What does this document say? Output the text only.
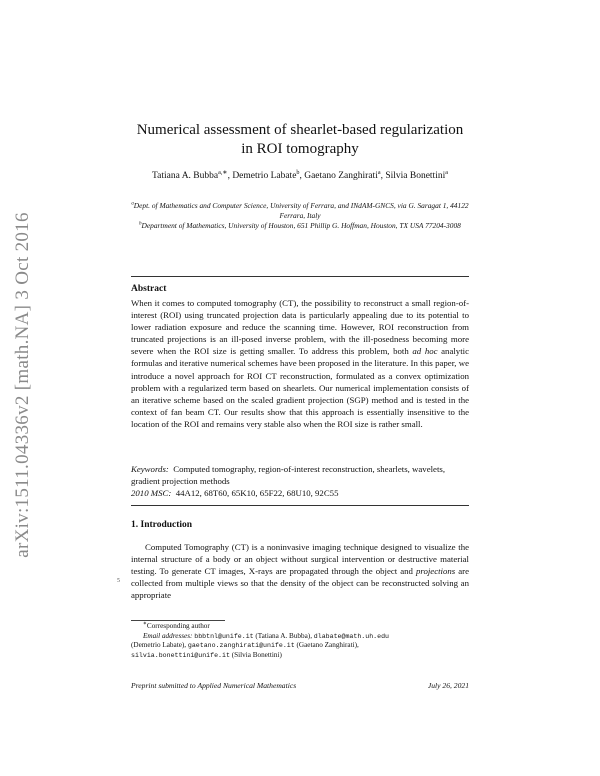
arXiv:1511.04336v2 [math.NA] 3 Oct 2016
Numerical assessment of shearlet-based regularization
in ROI tomography
Tatiana A. Bubba$^{a,∗}$, Demetrio Labate$^b$, Gaetano Zanghirati$^a$, Silvia Bonettini$^a$

$^a$Dept. of Mathematics and Computer Science, University of Ferrara, and INdAM-GNCS, via G. Saragat 1, 44122 Ferrara, Italy

$^b$Department of Mathematics, University of Houston, 651 Phillip G. Hoffman, Houston, TX USA 77204-3008

Abstract

When it comes to computed tomography (CT), the possibility to reconstruct a small region-of-interest (ROI) using truncated projection data is particularly appealing due to its potential to lower radiation exposure and reduce the scanning time. However, ROI reconstruction from truncated projections is an ill-posed inverse problem, with the ill-posedness becoming more severe when the ROI size is getting smaller. To address this problem, both ad hoc analytic formulas and iterative numerical schemes have been proposed in the literature. In this paper, we introduce a novel approach for ROI CT reconstruction, formulated as a convex optimization problem with a regularized term based on shearlets. Our numerical implementation consists of an iterative scheme based on the scaled gradient projection (SGP) method and is tested in the context of fan beam CT. Our results show that this approach is essentially insensitive to the location of the ROI and remains very stable also when the ROI size is rather small.

Keywords: Computed tomography, region-of-interest reconstruction, shearlets, wavelets, gradient projection methods
2010 MSC: 44A12, 68T60, 65K10, 65F22, 68U10, 92C55

1. Introduction

Computed Tomography (CT) is a noninvasive imaging technique designed to visualize the internal structure of a body or an object without surgical intervention or destructive material testing. To generate CT images, X-rays are propagated through the object and projections are collected from multiple views so that the density of the object can be reconstructed solving an appropriate

5

∗Corresponding author
Email addresses: bbbtnl@unife.it (Tatiana A. Bubba), dlabate@math.uh.edu
(Demetrio Labate), gaetano.zanghirati@unife.it (Gaetano Zanghirati),
silvia.bonettini@unife.it (Silvia Bonettini)

Preprint submitted to Applied Numerical Mathematics	July 26, 2021
